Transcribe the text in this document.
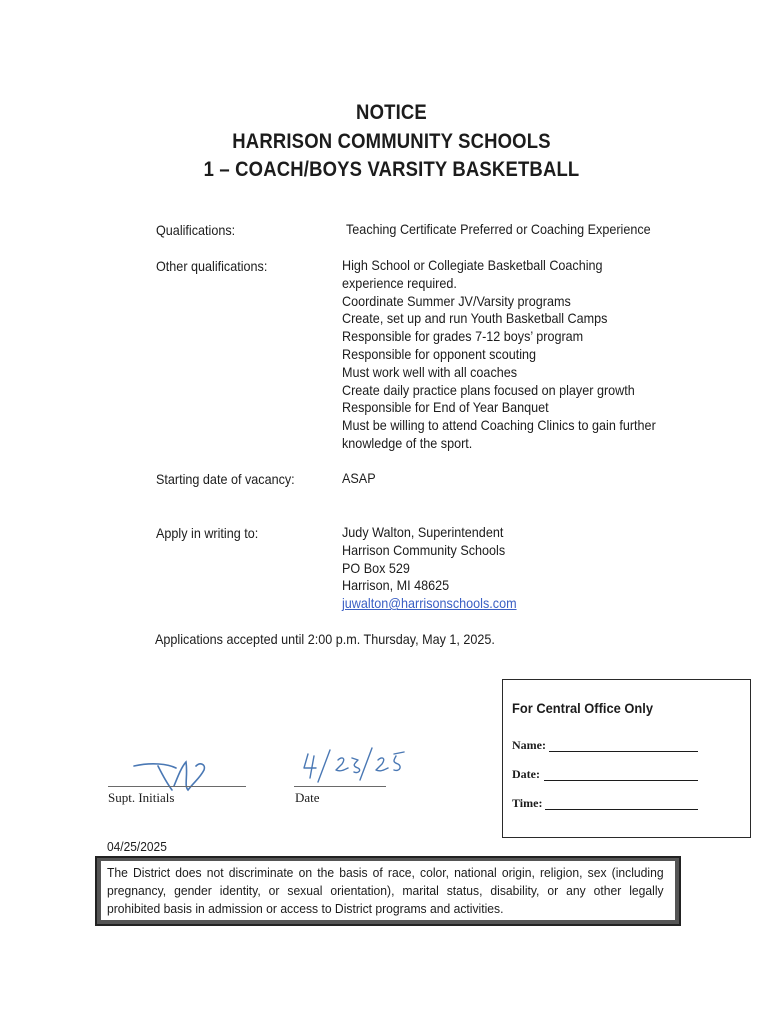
NOTICE
HARRISON COMMUNITY SCHOOLS
1 – COACH/BOYS VARSITY BASKETBALL
Qualifications:	Teaching Certificate Preferred or Coaching Experience
Other qualifications:	High School or Collegiate Basketball Coaching
experience required.
Coordinate Summer JV/Varsity programs
Create, set up and run Youth Basketball Camps
Responsible for grades 7-12 boys’ program
Responsible for opponent scouting
Must work well with all coaches
Create daily practice plans focused on player growth
Responsible for End of Year Banquet
Must be willing to attend Coaching Clinics to gain further
knowledge of the sport.
Starting date of vacancy:	ASAP
Apply in writing to:	Judy Walton, Superintendent
Harrison Community Schools
PO Box 529
Harrison, MI 48625
juwalton@harrisonschools.com
Applications accepted until 2:00 p.m. Thursday, May 1, 2025.
For Central Office Only
Name:
Date:
Time:
Supt. Initials	Date
04/25/2025
The District does not discriminate on the basis of race, color, national origin, religion, sex (including pregnancy, gender identity, or sexual orientation), marital status, disability, or any other legally prohibited basis in admission or access to District programs and activities.
